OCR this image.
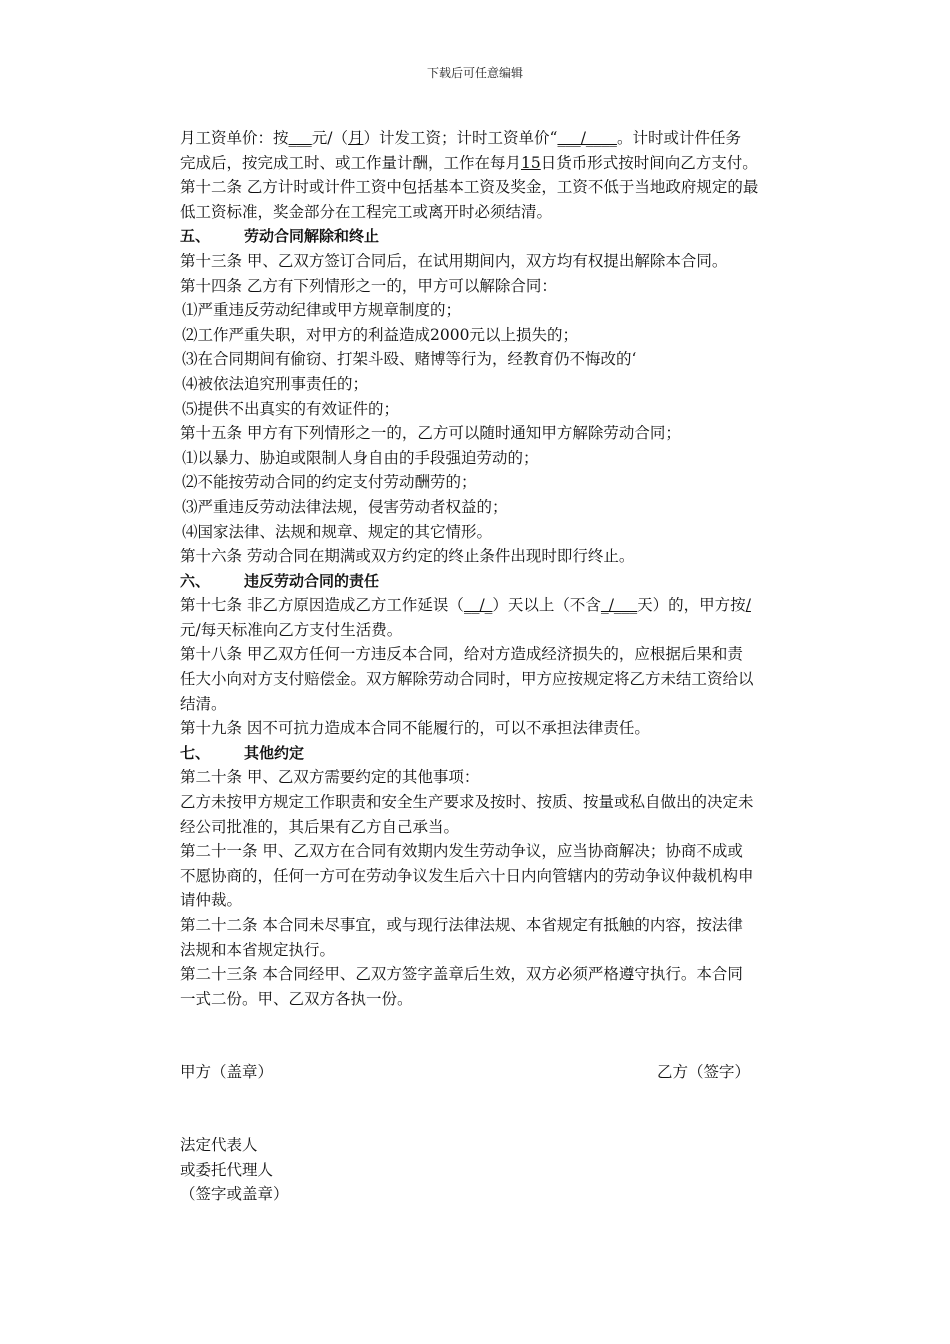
下载后可任意编辑

月工资单价：按___元/（月）计发工资；计时工资单价“___/____。计时或计件任务

完成后，按完成工时、或工作量计酬，工作在每月15日货币形式按时间向乙方支付。

第十二条 乙方计时或计件工资中包括基本工资及奖金，工资不低于当地政府规定的最

低工资标准，奖金部分在工程完工或离开时必须结清。

五、 劳动合同解除和终止

第十三条 甲、乙双方签订合同后，在试用期间内，双方均有权提出解除本合同。

第十四条 乙方有下列情形之一的，甲方可以解除合同：

⑴严重违反劳动纪律或甲方规章制度的；

⑵工作严重失职，对甲方的利益造成2000元以上损失的；

⑶在合同期间有偷窃、打架斗殴、赌博等行为，经教育仍不悔改的‘

⑷被依法追究刑事责任的；

⑸提供不出真实的有效证件的；

第十五条 甲方有下列情形之一的，乙方可以随时通知甲方解除劳动合同；

⑴以暴力、胁迫或限制人身自由的手段强迫劳动的；

⑵不能按劳动合同的约定支付劳动酬劳的；

⑶严重违反劳动法律法规，侵害劳动者权益的；

⑷国家法律、法规和规章、规定的其它情形。

第十六条 劳动合同在期满或双方约定的终止条件出现时即行终止。

六、 违反劳动合同的责任

第十七条 非乙方原因造成乙方工作延误（__/_）天以上（不含_/___天）的，甲方按/

元/每天标准向乙方支付生活费。

第十八条 甲乙双方任何一方违反本合同，给对方造成经济损失的，应根据后果和责

任大小向对方支付赔偿金。双方解除劳动合同时，甲方应按规定将乙方未结工资给以

结清。

第十九条 因不可抗力造成本合同不能履行的，可以不承担法律责任。

七、 其他约定

第二十条 甲、乙双方需要约定的其他事项：

乙方未按甲方规定工作职责和安全生产要求及按时、按质、按量或私自做出的决定未

经公司批准的，其后果有乙方自己承当。

第二十一条 甲、乙双方在合同有效期内发生劳动争议，应当协商解决；协商不成或

不愿协商的，任何一方可在劳动争议发生后六十日内向管辖内的劳动争议仲裁机构申

请仲裁。

第二十二条 本合同未尽事宜，或与现行法律法规、本省规定有抵触的内容，按法律

法规和本省规定执行。

第二十三条 本合同经甲、乙双方签字盖章后生效，双方必须严格遵守执行。本合同

一式二份。甲、乙双方各执一份。

甲方（盖章）	乙方（签字）

法定代表人

或委托代理人

（签字或盖章）
